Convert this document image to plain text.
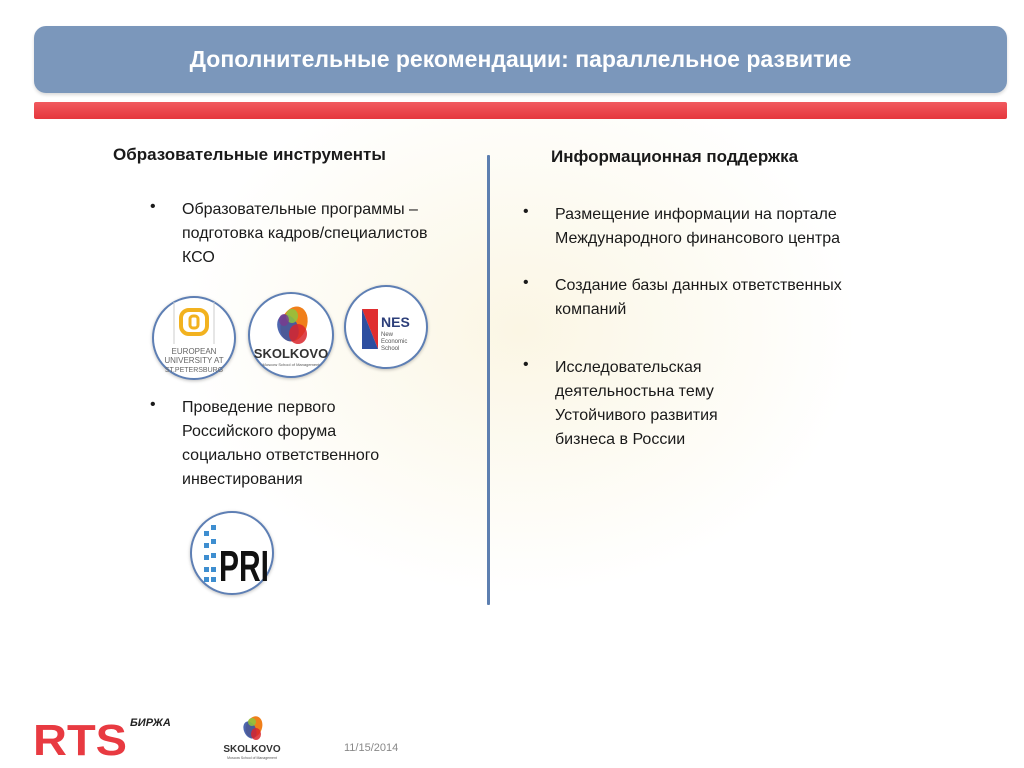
Дополнительные рекомендации: параллельное развитие
Образовательные инструменты
• Образовательные программы –
подготовка кадров/специалистов
КСО
EUROPEAN
UNIVERSITY AT
ST.PETERSBURG
SKOLKOVO
Moscow School of Management
NES
New
Economic
School
• Проведение первого
Российского форума
социально ответственного
инвестирования
PRI
Информационная поддержка
• Размещение информации на портале
Международного финансового центра
• Создание базы данных ответственных
компаний
• Исследовательская
деятельностьна тему
Устойчивого развития
бизнеса в России
RTS БИРЖА
SKOLKOVO
Moscow School of Management
11/15/2014
